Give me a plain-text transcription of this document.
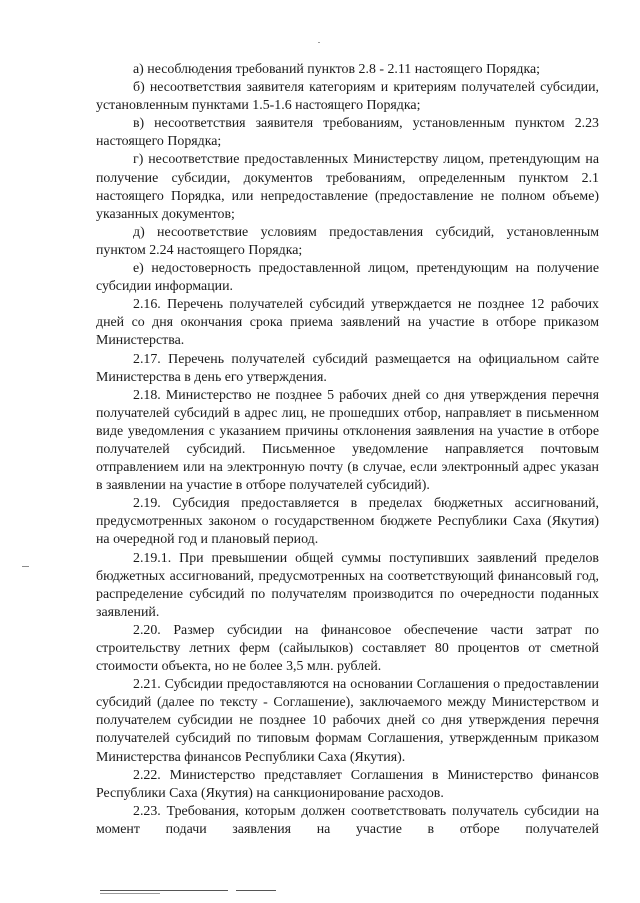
а) несоблюдения требований пунктов 2.8 - 2.11 настоящего Порядка;

б) несоответствия заявителя категориям и критериям получателей субсидии, установленным пунктами 1.5-1.6 настоящего Порядка;

в) несоответствия заявителя требованиям, установленным пунктом 2.23 настоящего Порядка;

г) несоответствие предоставленных Министерству лицом, претендующим на получение субсидии, документов требованиям, определенным пунктом 2.1 настоящего Порядка, или непредоставление (предоставление не полном объеме) указанных документов;

д) несоответствие условиям предоставления субсидий, установленным пунктом 2.24 настоящего Порядка;

е) недостоверность предоставленной лицом, претендующим на получение субсидии информации.

2.16. Перечень получателей субсидий утверждается не позднее 12 рабочих дней со дня окончания срока приема заявлений на участие в отборе приказом Министерства.

2.17. Перечень получателей субсидий размещается на официальном сайте Министерства в день его утверждения.

2.18. Министерство не позднее 5 рабочих дней со дня утверждения перечня получателей субсидий в адрес лиц, не прошедших отбор, направляет в письменном виде уведомления с указанием причины отклонения заявления на участие в отборе получателей субсидий. Письменное уведомление направляется почтовым отправлением или на электронную почту (в случае, если электронный адрес указан в заявлении на участие в отборе получателей субсидий).

2.19. Субсидия предоставляется в пределах бюджетных ассигнований, предусмотренных законом о государственном бюджете Республики Саха (Якутия) на очередной год и плановый период.

2.19.1. При превышении общей суммы поступивших заявлений пределов бюджетных ассигнований, предусмотренных на соответствующий финансовый год, распределение субсидий по получателям производится по очередности поданных заявлений.

2.20. Размер субсидии на финансовое обеспечение части затрат по строительству летних ферм (сайылыков) составляет 80 процентов от сметной стоимости объекта, но не более 3,5 млн. рублей.

2.21. Субсидии предоставляются на основании Соглашения о предоставлении субсидий (далее по тексту - Соглашение), заключаемого между Министерством и получателем субсидии не позднее 10 рабочих дней со дня утверждения перечня получателей субсидий по типовым формам Соглашения, утвержденным приказом Министерства финансов Республики Саха (Якутия).

2.22. Министерство представляет Соглашения в Министерство финансов Республики Саха (Якутия) на санкционирование расходов.

2.23. Требования, которым должен соответствовать получатель субсидии на момент подачи заявления на участие в отборе получателей
